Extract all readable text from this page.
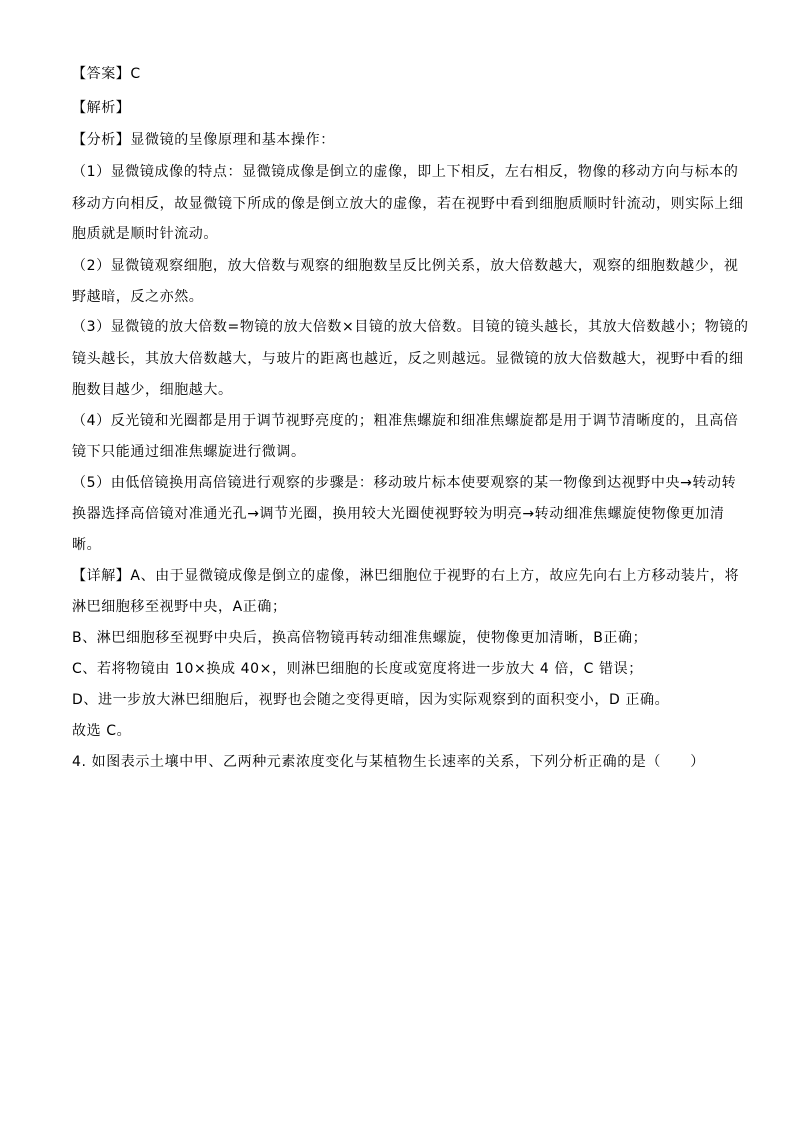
【答案】C
【解析】
【分析】显微镜的呈像原理和基本操作：
（1）显微镜成像的特点：显微镜成像是倒立的虚像，即上下相反，左右相反，物像的移动方向与标本的
移动方向相反，故显微镜下所成的像是倒立放大的虚像，若在视野中看到细胞质顺时针流动，则实际上细
胞质就是顺时针流动。
（2）显微镜观察细胞，放大倍数与观察的细胞数呈反比例关系，放大倍数越大，观察的细胞数越少，视
野越暗，反之亦然。
（3）显微镜的放大倍数=物镜的放大倍数×目镜的放大倍数。目镜的镜头越长，其放大倍数越小；物镜的
镜头越长，其放大倍数越大，与玻片的距离也越近，反之则越远。显微镜的放大倍数越大，视野中看的细
胞数目越少，细胞越大。
（4）反光镜和光圈都是用于调节视野亮度的；粗准焦螺旋和细准焦螺旋都是用于调节清晰度的，且高倍
镜下只能通过细准焦螺旋进行微调。
（5）由低倍镜换用高倍镜进行观察的步骤是：移动玻片标本使要观察的某一物像到达视野中央→转动转
换器选择高倍镜对准通光孔→调节光圈，换用较大光圈使视野较为明亮→转动细准焦螺旋使物像更加清
晰。
【详解】A、由于显微镜成像是倒立的虚像，淋巴细胞位于视野的右上方，故应先向右上方移动装片，将
淋巴细胞移至视野中央，A正确；
B、淋巴细胞移至视野中央后，换高倍物镜再转动细准焦螺旋，使物像更加清晰，B正确；
C、若将物镜由 10×换成 40×，则淋巴细胞的长度或宽度将进一步放大 4 倍，C 错误；
D、进一步放大淋巴细胞后，视野也会随之变得更暗，因为实际观察到的面积变小，D 正确。
故选 C。
4. 如图表示土壤中甲、乙两种元素浓度变化与某植物生长速率的关系，下列分析正确的是（　　）
